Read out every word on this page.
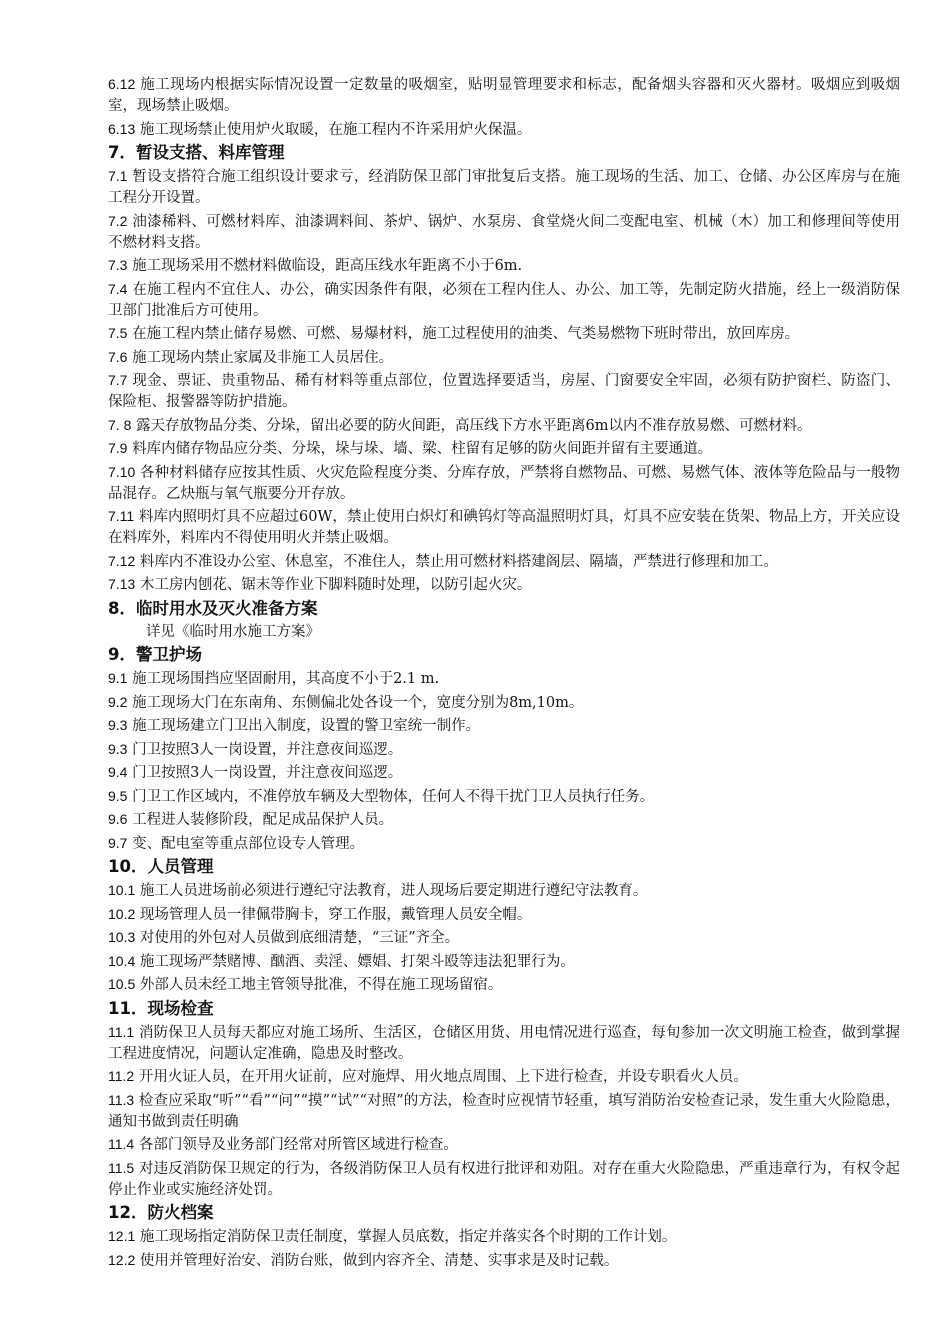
6.12 施工现场内根据实际情况设置一定数量的吸烟室，贴明显管理要求和标志，配备烟头容器和灭火器材。吸烟应到吸烟室，现场禁止吸烟。
6.13 施工现场禁止使用炉火取暖，在施工程内不许采用炉火保温。
7．暂设支搭、料库管理
7.1 暂设支搭符合施工组织设计要求亏，经消防保卫部门审批复后支搭。施工现场的生活、加工、仓储、办公区库房与在施工程分开设置。
7.2 油漆稀料、可燃材料库、油漆调料间、茶炉、锅炉、水泵房、食堂烧火间二变配电室、机械（木）加工和修理间等使用不燃材料支搭。
7.3 施工现场采用不燃材料做临设，距高压线水年距离不小于6m.
7.4 在施工程内不宜住人、办公，确实因条件有限，必须在工程内住人、办公、加工等，先制定防火措施，经上一级消防保卫部门批准后方可使用。
7.5 在施工程内禁止储存易燃、可燃、易爆材料，施工过程使用的油类、气类易燃物下班时带出，放回库房。
7.6 施工现场内禁止家属及非施工人员居住。
7.7 现金、票证、贵重物品、稀有材料等重点部位，位置选择要适当，房屋、门窗要安全牢固，必须有防护窗栏、防盗门、保险柜、报警器等防护措施。
7. 8 露天存放物品分类、分垛，留出必要的防火间距，高压线下方水平距离6m以内不准存放易燃、可燃材料。
7.9 料库内储存物品应分类、分垛，垛与垛、墙、梁、柱留有足够的防火间距并留有主要通道。
7.10 各种材料储存应按其性质、火灾危险程度分类、分库存放，严禁将自燃物品、可燃、易燃气体、液体等危险品与一般物品混存。乙炔瓶与氧气瓶要分开存放。
7.11 料库内照明灯具不应超过60W，禁止使用白炽灯和碘钨灯等高温照明灯具，灯具不应安装在货架、物品上方，开关应设在料库外，料库内不得使用明火并禁止吸烟。
7.12 料库内不准设办公室、休息室，不准住人，禁止用可燃材料搭建阁层、隔墙，严禁进行修理和加工。
7.13 木工房内刨花、锯末等作业下脚料随时处理，以防引起火灾。
8．临时用水及灭火准备方案
详见《临时用水施工方案》
9．警卫护场
9.1 施工现场围挡应坚固耐用，其高度不小于2.1 m.
9.2 施工现场大门在东南角、东侧偏北处各设一个，宽度分别为8m,10m。
9.3 施工现场建立门卫出入制度，设置的警卫室统一制作。
9.3 门卫按照3人一岗设置，并注意夜间巡逻。
9.4 门卫按照3人一岗设置，并注意夜间巡逻。
9.5 门卫工作区域内，不准停放车辆及大型物体，任何人不得干扰门卫人员执行任务。
9.6 工程进人装修阶段，配足成品保护人员。
9.7 变、配电室等重点部位设专人管理。
10．人员管理
10.1 施工人员进场前必须进行遵纪守法教育，进人现场后要定期进行遵纪守法教育。
10.2 现场管理人员一律佩带胸卡，穿工作服，戴管理人员安全帽。
10.3 对使用的外包对人员做到底细清楚，“三证”齐全。
10.4 施工现场严禁赌博、酗酒、卖淫、嫖娼、打架斗殴等违法犯罪行为。
10.5 外部人员未经工地主管领导批准，不得在施工现场留宿。
11．现场检查
11.1 消防保卫人员每天都应对施工场所、生活区，仓储区用货、用电情况进行巡查，每旬参加一次文明施工检查，做到掌握工程进度情况，问题认定准确，隐患及时整改。
11.2 开用火证人员，在开用火证前，应对施焊、用火地点周围、上下进行检查，并设专职看火人员。
11.3 检查应采取“听”“看”“问”“摸”“试”“对照”的方法，检查时应视情节轻重，填写消防治安检查记录，发生重大火险隐患，通知书做到责任明确
11.4 各部门领导及业务部门经常对所管区域进行检查。
11.5 对违反消防保卫规定的行为，各级消防保卫人员有权进行批评和劝阻。对存在重大火险隐患，严重违章行为，有权令起停止作业或实施经济处罚。
12．防火档案
12.1 施工现场指定消防保卫责任制度，掌握人员底数，指定并落实各个时期的工作计划。
12.2 使用并管理好治安、消防台账，做到内容齐全、清楚、实事求是及时记载。
